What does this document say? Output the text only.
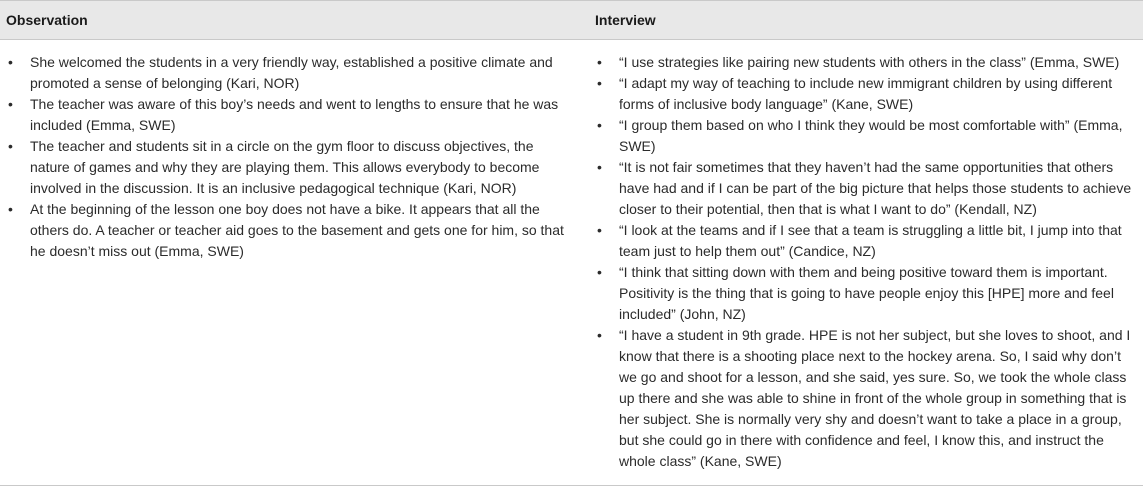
Observation	Interview
• She welcomed the students in a very friendly way, established a positive climate and promoted a sense of belonging (Kari, NOR)
• The teacher was aware of this boy’s needs and went to lengths to ensure that he was included (Emma, SWE)
• The teacher and students sit in a circle on the gym floor to discuss objectives, the nature of games and why they are playing them. This allows everybody to become involved in the discussion. It is an inclusive pedagogical technique (Kari, NOR)
• At the beginning of the lesson one boy does not have a bike. It appears that all the others do. A teacher or teacher aid goes to the basement and gets one for him, so that he doesn’t miss out (Emma, SWE)
• “I use strategies like pairing new students with others in the class” (Emma, SWE)
• “I adapt my way of teaching to include new immigrant children by using different forms of inclusive body language” (Kane, SWE)
• “I group them based on who I think they would be most comfortable with” (Emma, SWE)
• “It is not fair sometimes that they haven’t had the same opportunities that others have had and if I can be part of the big picture that helps those students to achieve closer to their potential, then that is what I want to do” (Kendall, NZ)
• “I look at the teams and if I see that a team is struggling a little bit, I jump into that team just to help them out” (Candice, NZ)
• “I think that sitting down with them and being positive toward them is important. Positivity is the thing that is going to have people enjoy this [HPE] more and feel included” (John, NZ)
• “I have a student in 9th grade. HPE is not her subject, but she loves to shoot, and I know that there is a shooting place next to the hockey arena. So, I said why don’t we go and shoot for a lesson, and she said, yes sure. So, we took the whole class up there and she was able to shine in front of the whole group in something that is her subject. She is normally very shy and doesn’t want to take a place in a group, but she could go in there with confidence and feel, I know this, and instruct the whole class” (Kane, SWE)
